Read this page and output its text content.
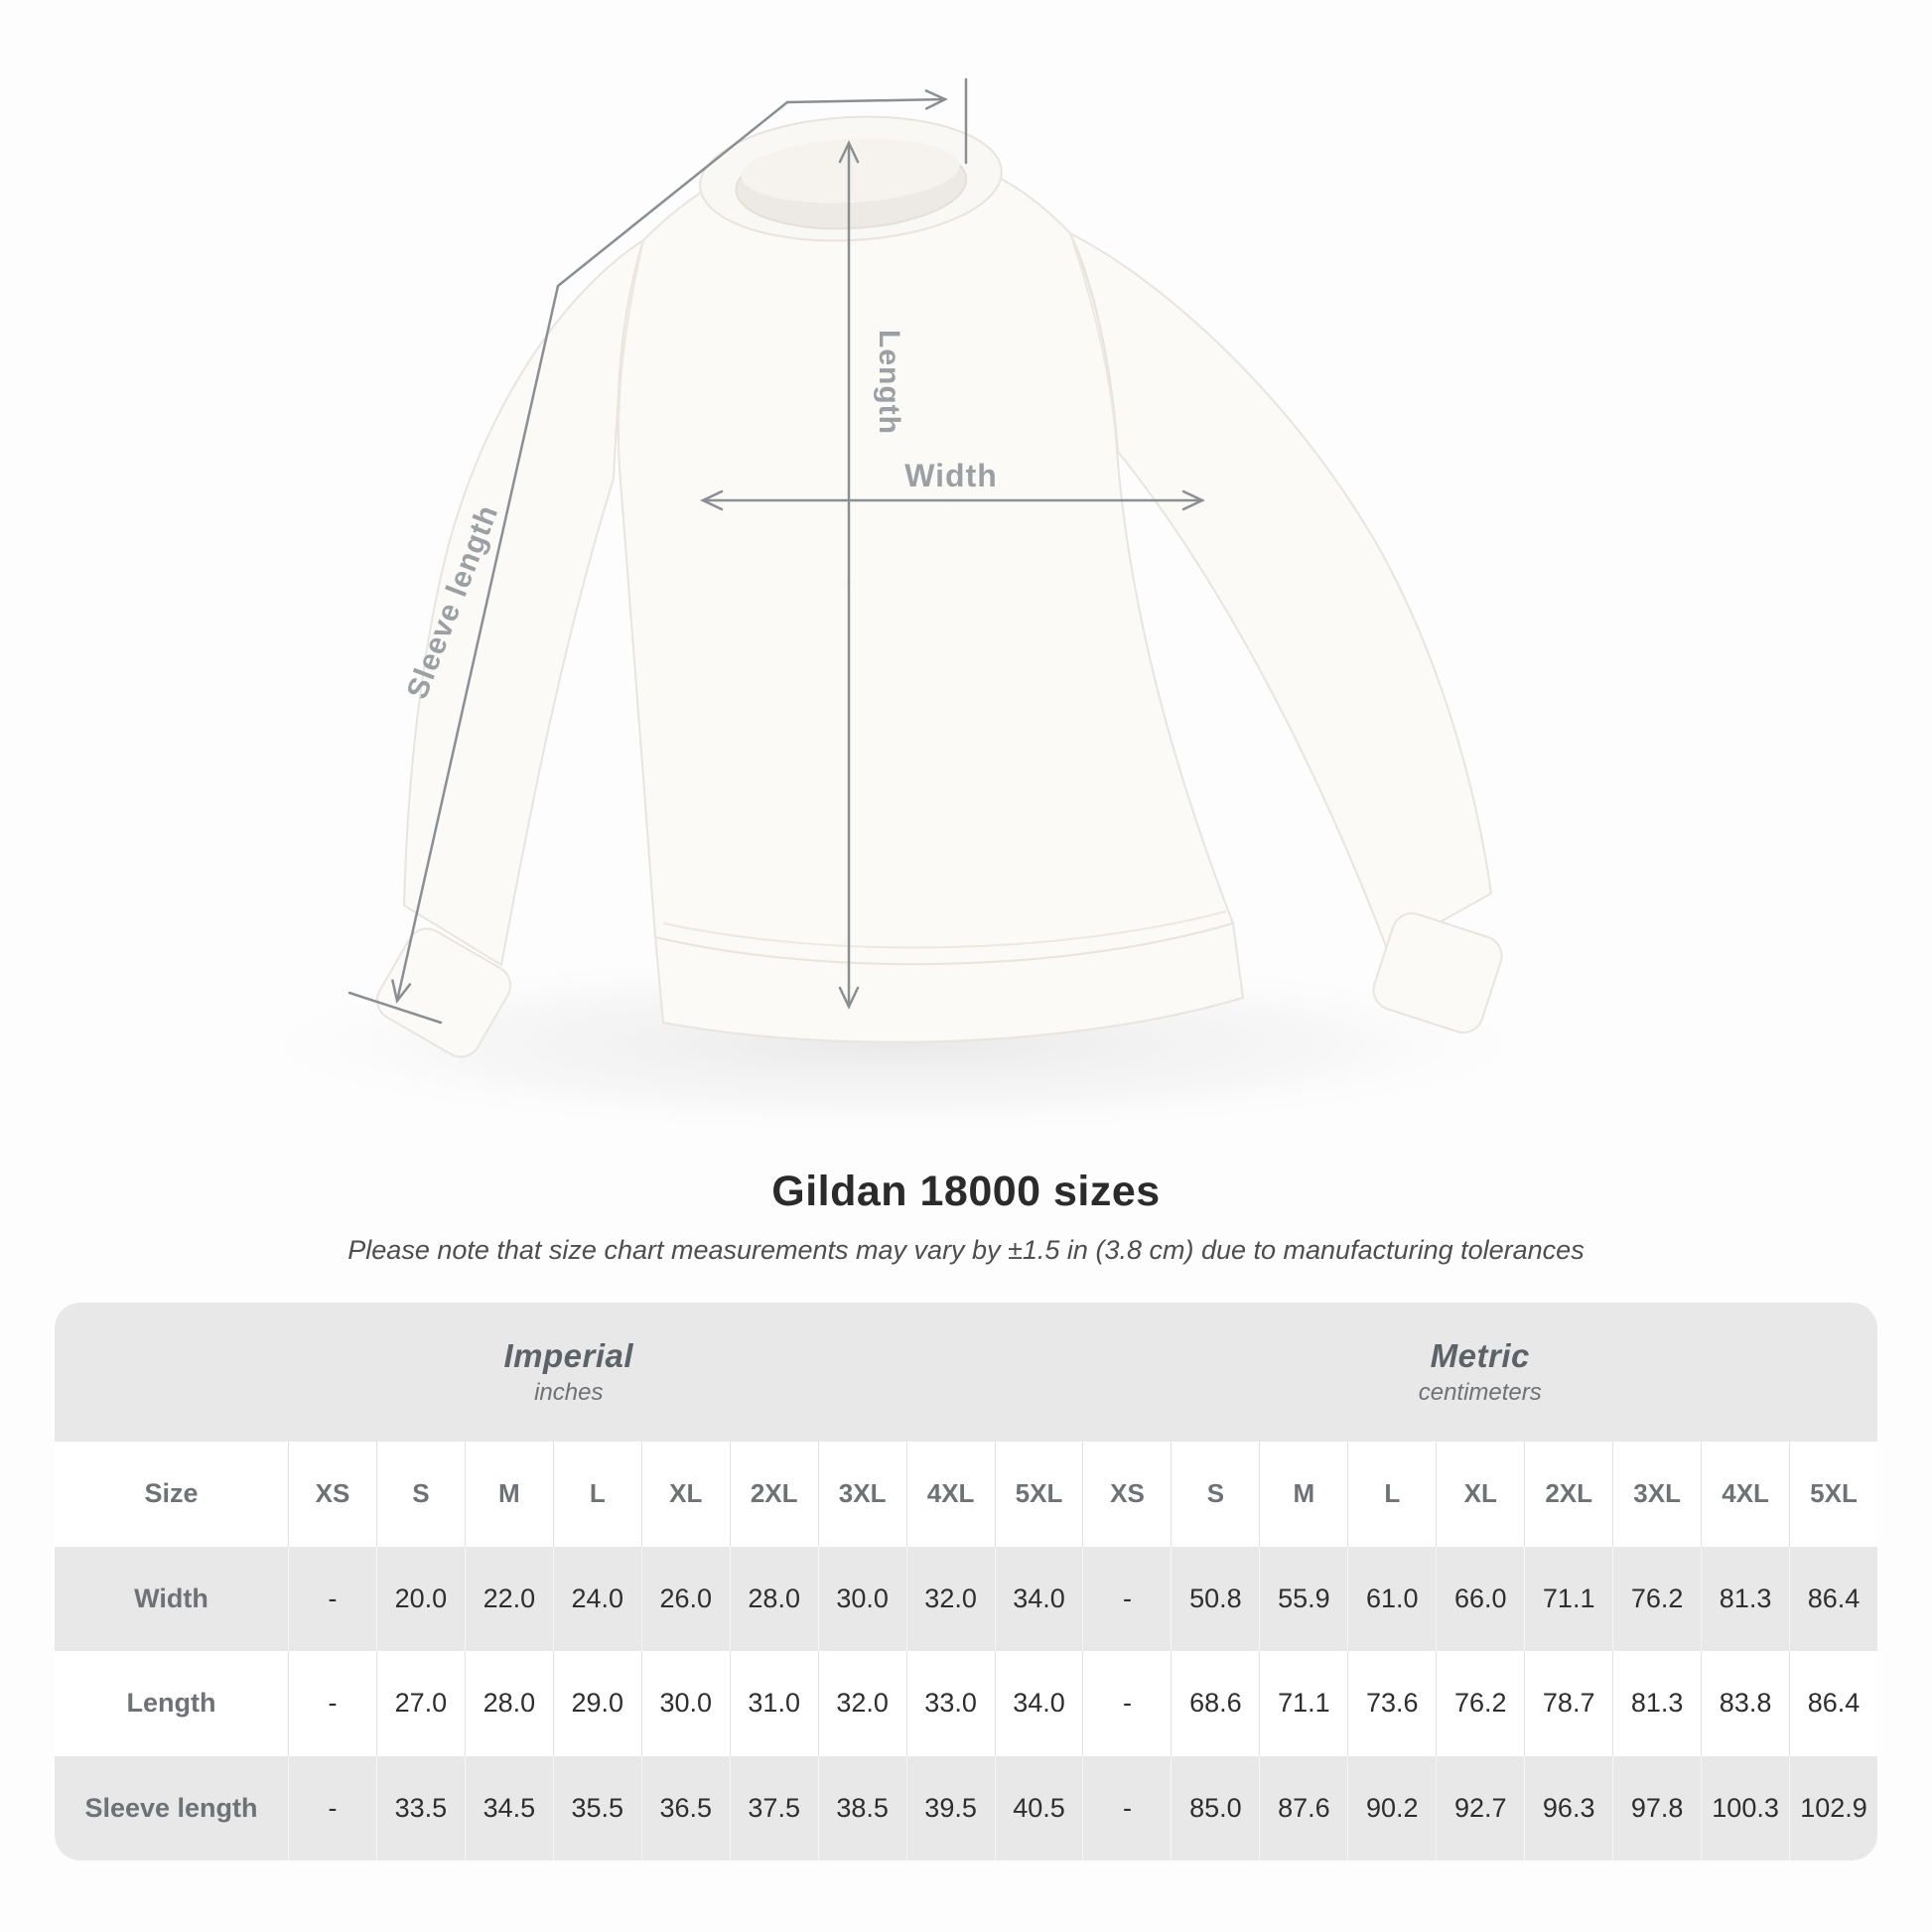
Width
Length
Sleeve length
Gildan 18000 sizes
Please note that size chart measurements may vary by ±1.5 in (3.8 cm) due to manufacturing tolerances
Imperial
inches
Metric
centimeters
Size	XS	S	M	L	XL	2XL	3XL	4XL	5XL	XS	S	M	L	XL	2XL	3XL	4XL	5XL
Width	-	20.0	22.0	24.0	26.0	28.0	30.0	32.0	34.0	-	50.8	55.9	61.0	66.0	71.1	76.2	81.3	86.4
Length	-	27.0	28.0	29.0	30.0	31.0	32.0	33.0	34.0	-	68.6	71.1	73.6	76.2	78.7	81.3	83.8	86.4
Sleeve length	-	33.5	34.5	35.5	36.5	37.5	38.5	39.5	40.5	-	85.0	87.6	90.2	92.7	96.3	97.8	100.3 102.9
